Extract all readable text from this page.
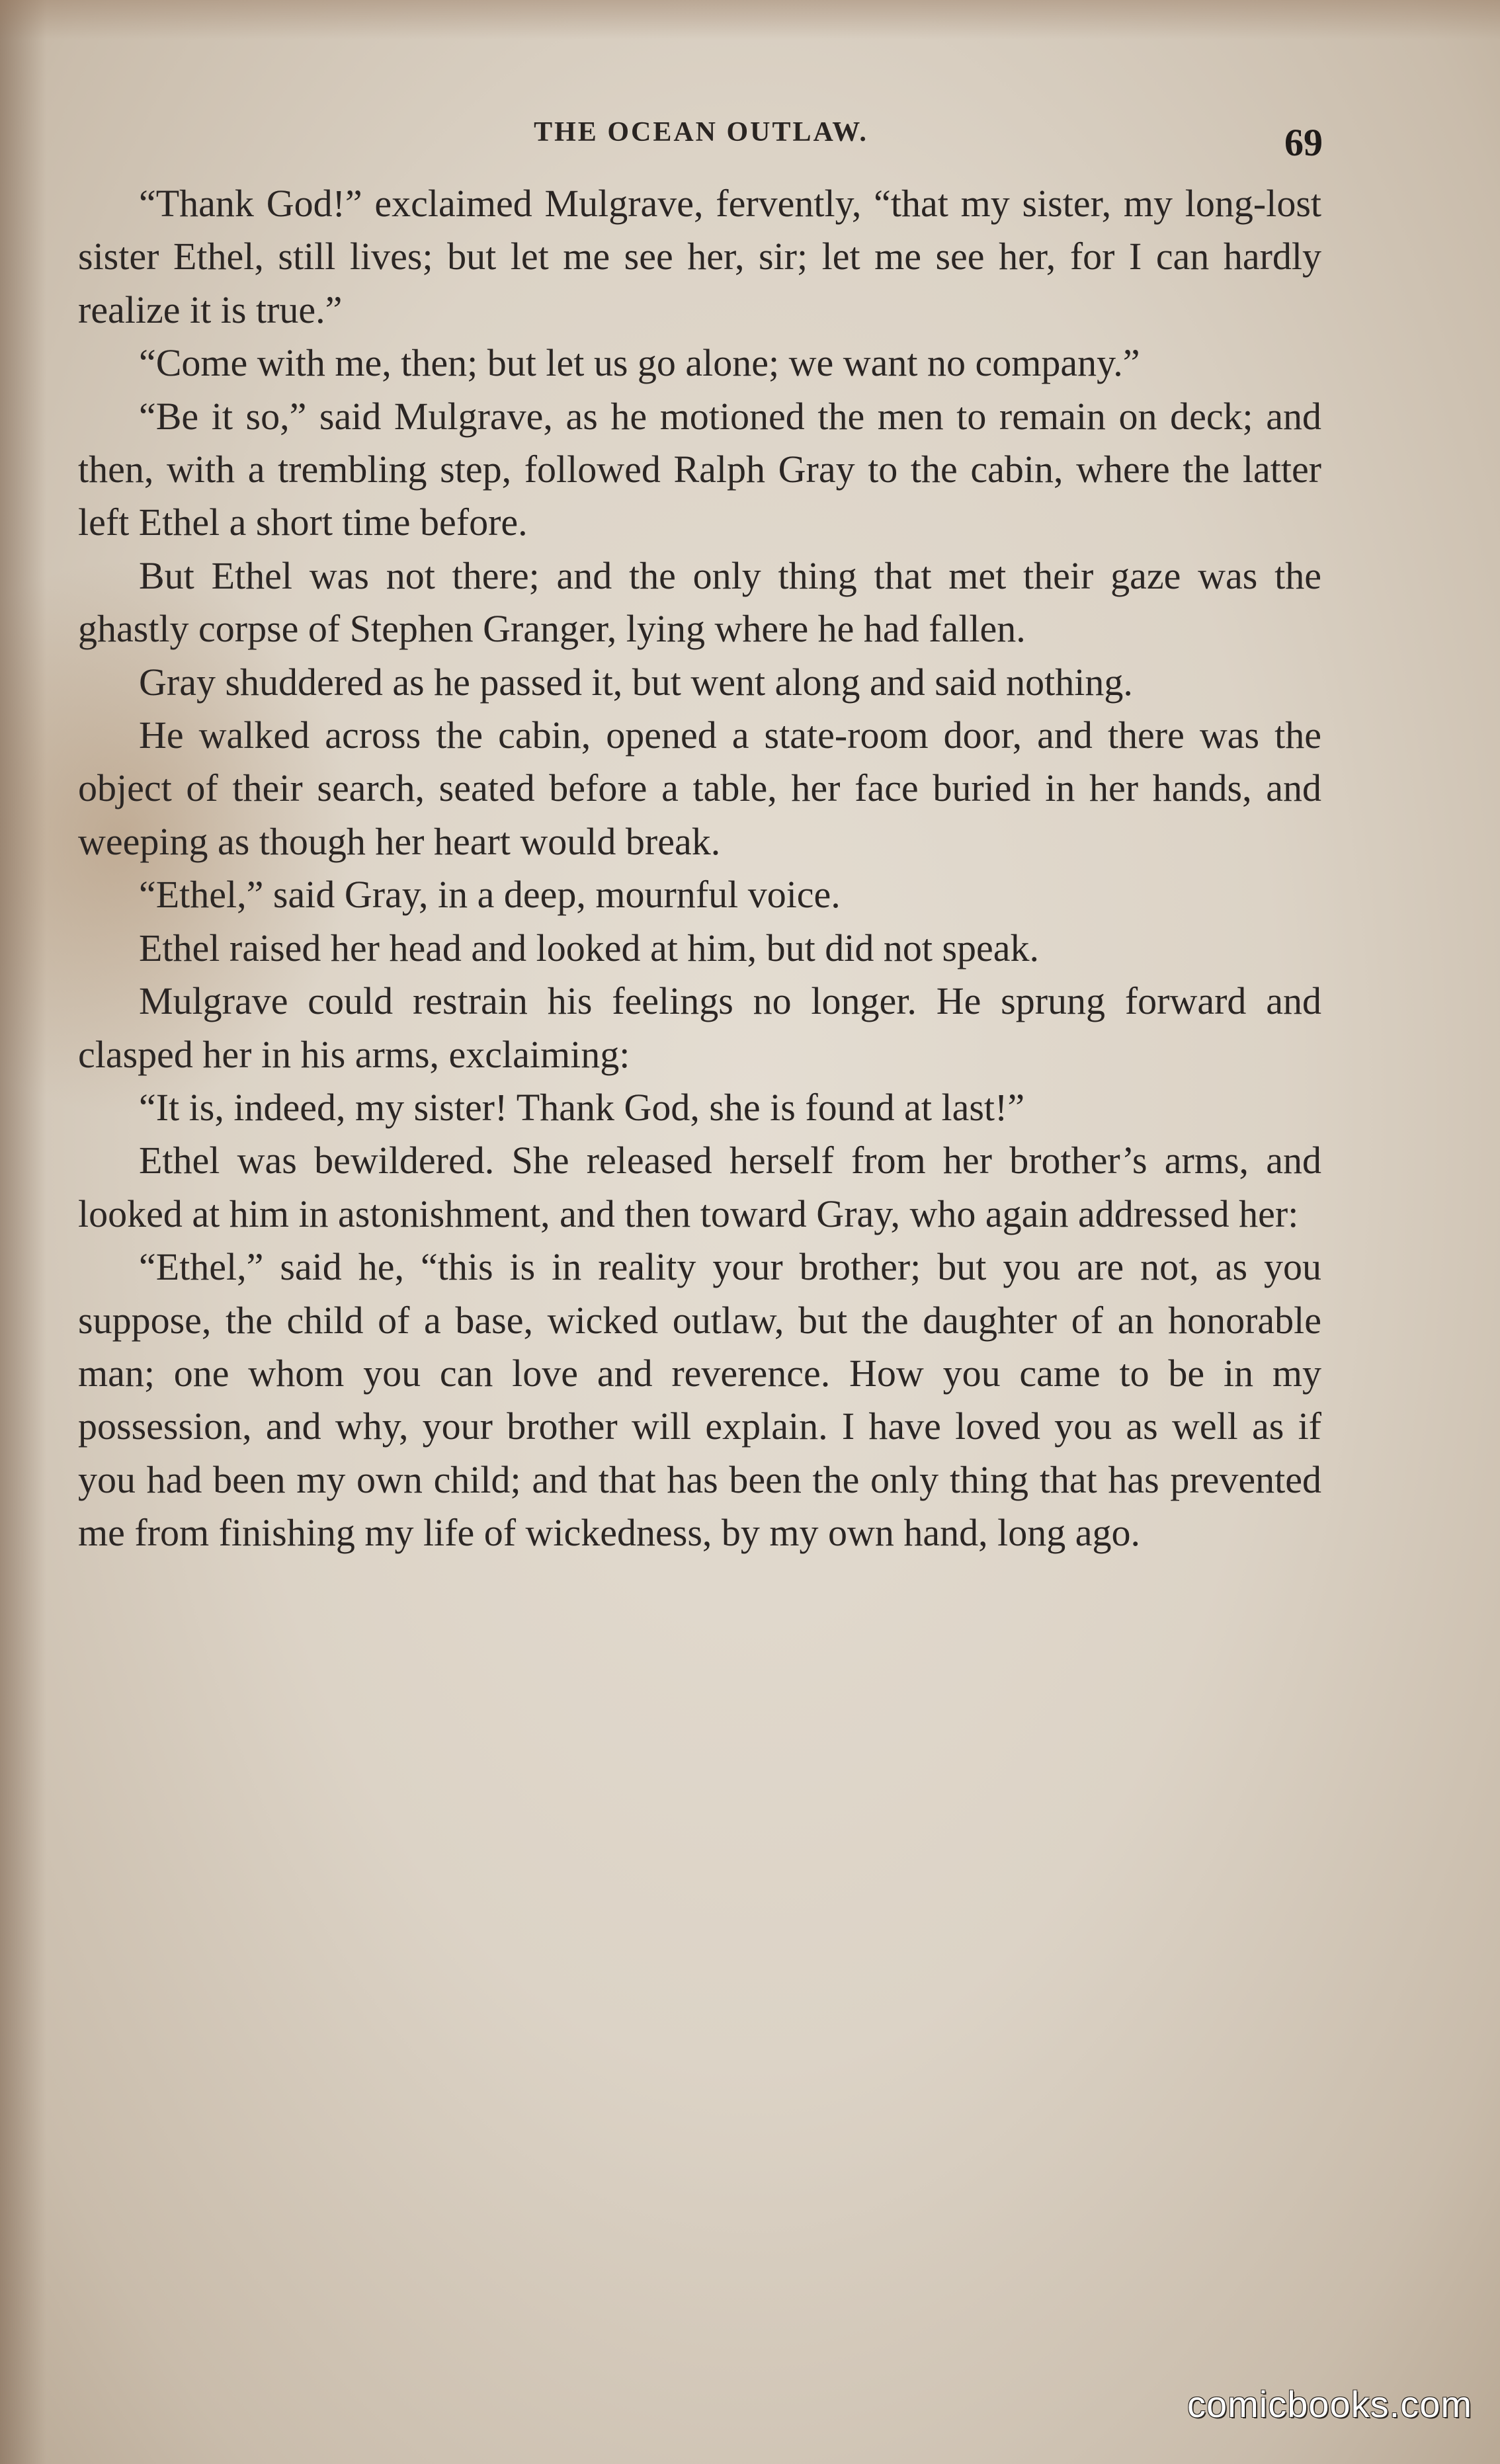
THE OCEAN OUTLAW.	69

“Thank God!” exclaimed Mulgrave, fervently, “that my sister, my long-lost sister Ethel, still lives; but let me see her, sir; let me see her, for I can hardly realize it is true.”

“Come with me, then; but let us go alone; we want no company.”

“Be it so,” said Mulgrave, as he motioned the men to remain on deck; and then, with a trembling step, followed Ralph Gray to the cabin, where the latter left Ethel a short time before.

But Ethel was not there; and the only thing that met their gaze was the ghastly corpse of Stephen Granger, lying where he had fallen.

Gray shuddered as he passed it, but went along and said nothing.

He walked across the cabin, opened a state-room door, and there was the object of their search, seated before a table, her face buried in her hands, and weeping as though her heart would break.

“Ethel,” said Gray, in a deep, mournful voice.

Ethel raised her head and looked at him, but did not speak.

Mulgrave could restrain his feelings no longer. He sprung forward and clasped her in his arms, exclaiming:

“It is, indeed, my sister! Thank God, she is found at last!”

Ethel was bewildered. She released herself from her brother’s arms, and looked at him in astonishment, and then toward Gray, who again addressed her:

“Ethel,” said he, “this is in reality your brother; but you are not, as you suppose, the child of a base, wicked outlaw, but the daughter of an honorable man; one whom you can love and reverence. How you came to be in my possession, and why, your brother will explain. I have loved you as well as if you had been my own child; and that has been the only thing that has prevented me from finishing my life of wickedness, by my own hand, long ago.

comicbooks.com
